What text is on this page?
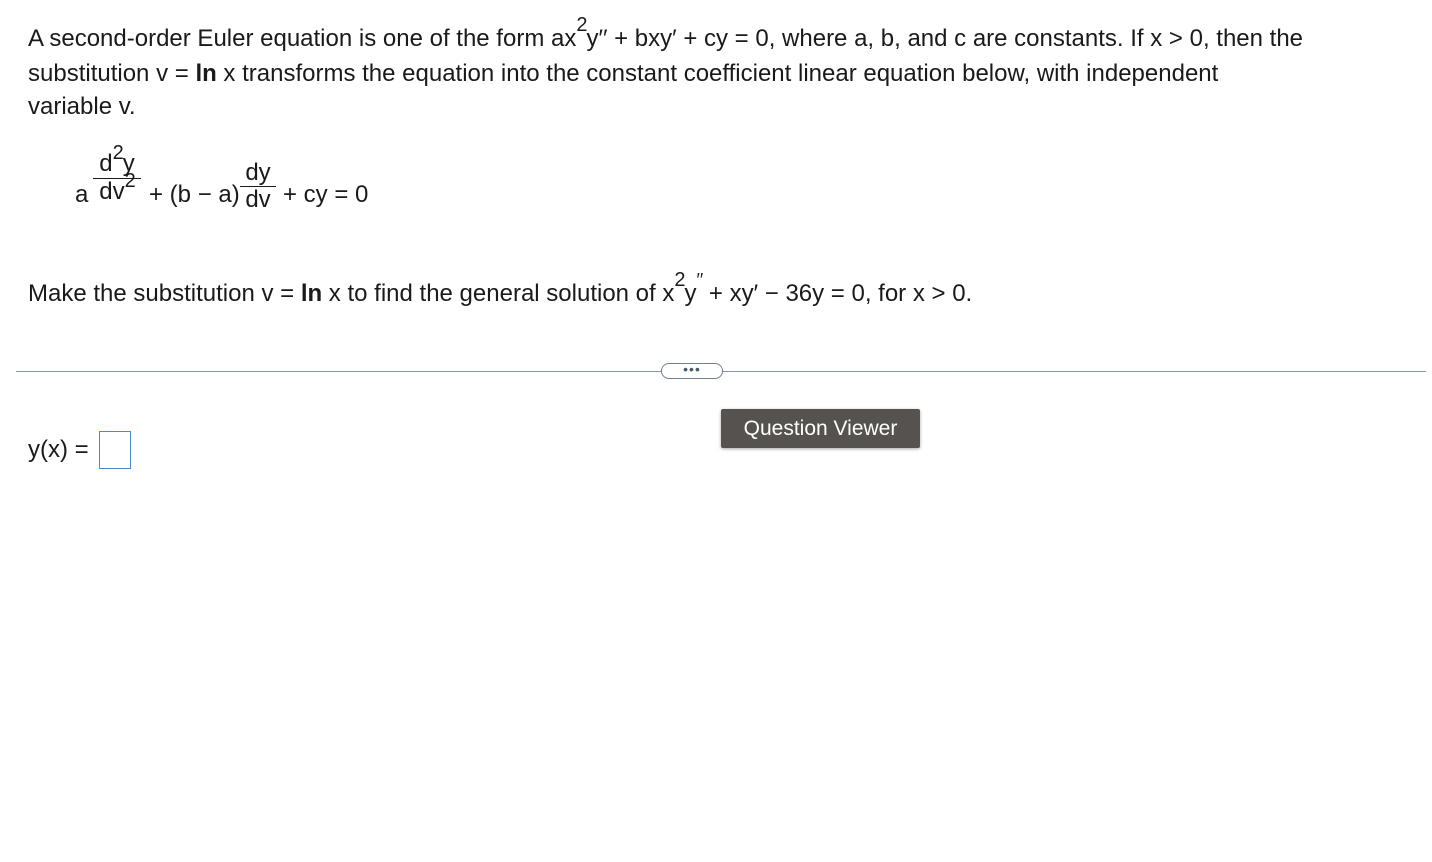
A second-order Euler equation is one of the form $ax^2y'' + bxy'$ + cy = 0, where a, b, and c are constants. If x > 0, then the
substitution v = ln x transforms the equation into the constant coefficient linear equation below, with independent
variable v.
a
$d^2y$
$dv^2 + (b - a)$
dy
dv + cy = 0
Make the substitution v = ln x to find the general solution of $x^2y'' + xy' - 36y = 0$, for x > 0.
•••
Question Viewer
y(x) =
